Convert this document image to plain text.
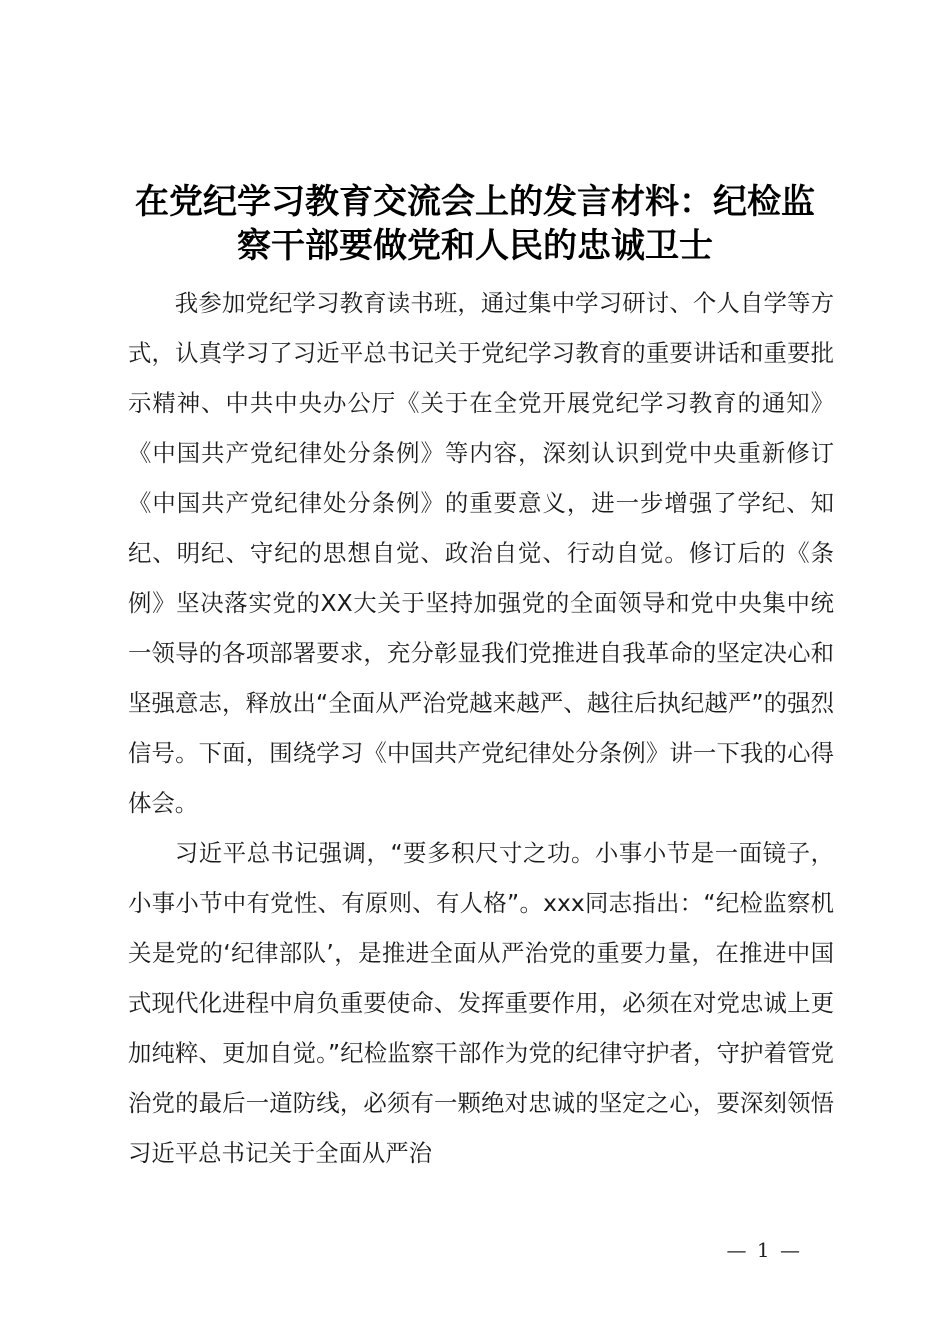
在党纪学习教育交流会上的发言材料：纪检监
察干部要做党和人民的忠诚卫士

我参加党纪学习教育读书班，通过集中学习研讨、个人自学等方式，认真学习了习近平总书记关于党纪学习教育的重要讲话和重要批示精神、中共中央办公厅《关于在全党开展党纪学习教育的通知》《中国共产党纪律处分条例》等内容，深刻认识到党中央重新修订《中国共产党纪律处分条例》的重要意义，进一步增强了学纪、知纪、明纪、守纪的思想自觉、政治自觉、行动自觉。修订后的《条例》坚决落实党的XX大关于坚持加强党的全面领导和党中央集中统一领导的各项部署要求，充分彰显我们党推进自我革命的坚定决心和坚强意志，释放出“全面从严治党越来越严、越往后执纪越严”的强烈信号。下面，围绕学习《中国共产党纪律处分条例》讲一下我的心得体会。

习近平总书记强调，“要多积尺寸之功。小事小节是一面镜子，小事小节中有党性、有原则、有人格”。xxx同志指出：“纪检监察机关是党的‘纪律部队’，是推进全面从严治党的重要力量，在推进中国式现代化进程中肩负重要使命、发挥重要作用，必须在对党忠诚上更加纯粹、更加自觉。”纪检监察干部作为党的纪律守护者，守护着管党治党的最后一道防线，必须有一颗绝对忠诚的坚定之心，要深刻领悟习近平总书记关于全面从严治

— 1 —
